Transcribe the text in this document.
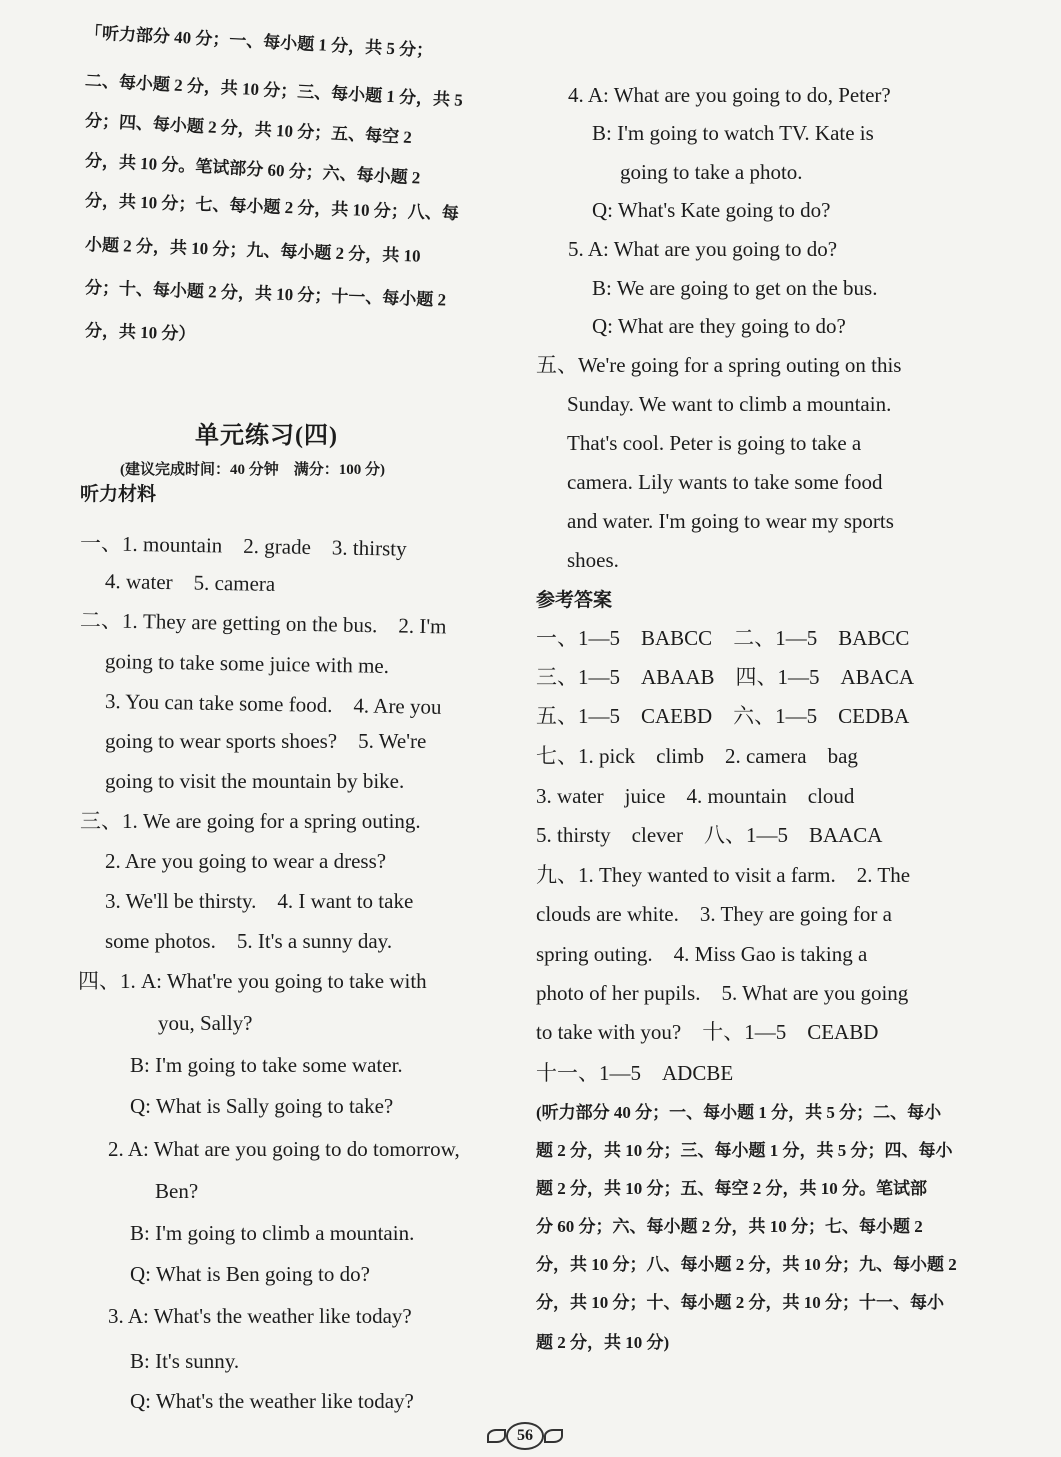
「听力部分 40 分；一、每小题 1 分，共 5 分；
二、每小题 2 分，共 10 分；三、每小题 1 分，共 5
分；四、每小题 2 分，共 10 分；五、每空 2
分，共 10 分。笔试部分 60 分；六、每小题 2
分，共 10 分；七、每小题 2 分，共 10 分；八、每
小题 2 分，共 10 分；九、每小题 2 分，共 10
分；十、每小题 2 分，共 10 分；十一、每小题 2
分，共 10 分）
单元练习(四)
(建议完成时间：40 分钟　满分：100 分)
听力材料
一、1. mountain　2. grade　3. thirsty
4. water　5. camera
二、1. They are getting on the bus.　2. I'm
going to take some juice with me.
3. You can take some food.　4. Are you
going to wear sports shoes?　5. We're
going to visit the mountain by bike.
三、1. We are going for a spring outing.
2. Are you going to wear a dress?
3. We'll be thirsty.　4. I want to take
some photos.　5. It's a sunny day.
四、1. A: What're you going to take with
you, Sally?
B: I'm going to take some water.
Q: What is Sally going to take?
2. A: What are you going to do tomorrow,
Ben?
B: I'm going to climb a mountain.
Q: What is Ben going to do?
3. A: What's the weather like today?
B: It's sunny.
Q: What's the weather like today?
4. A: What are you going to do, Peter?
B: I'm going to watch TV. Kate is
going to take a photo.
Q: What's Kate going to do?
5. A: What are you going to do?
B: We are going to get on the bus.
Q: What are they going to do?
五、We're going for a spring outing on this
Sunday. We want to climb a mountain.
That's cool. Peter is going to take a
camera. Lily wants to take some food
and water. I'm going to wear my sports
shoes.
参考答案
一、1—5　BABCC　二、1—5　BABCC
三、1—5　ABAAB　四、1—5　ABACA
五、1—5　CAEBD　六、1—5　CEDBA
七、1. pick　climb　2. camera　bag
3. water　juice　4. mountain　cloud
5. thirsty　clever　八、1—5　BAACA
九、1. They wanted to visit a farm.　2. The
clouds are white.　3. They are going for a
spring outing.　4. Miss Gao is taking a
photo of her pupils.　5. What are you going
to take with you?　十、1—5　CEABD
十一、1—5　ADCBE
(听力部分 40 分；一、每小题 1 分，共 5 分；二、每小
题 2 分，共 10 分；三、每小题 1 分，共 5 分；四、每小
题 2 分，共 10 分；五、每空 2 分，共 10 分。笔试部
分 60 分；六、每小题 2 分，共 10 分；七、每小题 2
分，共 10 分；八、每小题 2 分，共 10 分；九、每小题 2
分，共 10 分；十、每小题 2 分，共 10 分；十一、每小
题 2 分，共 10 分)
56
